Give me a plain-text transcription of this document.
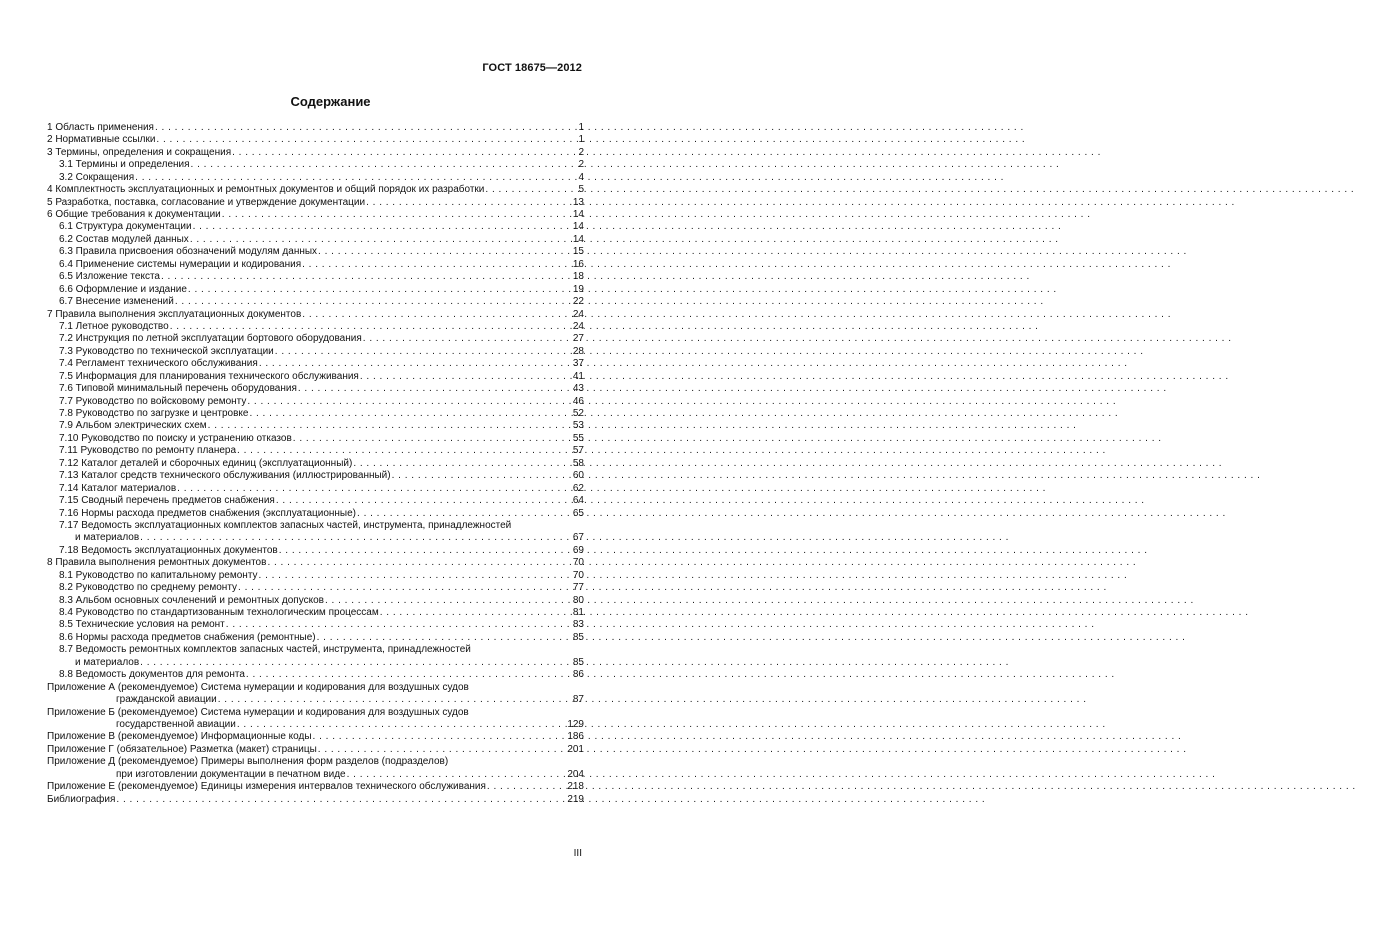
ГОСТ 18675—2012
Содержание
1 Область применения . . .	1
2 Нормативные ссылки . . .	1
3 Термины, определения и сокращения . . .	2
3.1 Термины и определения . . .	2
3.2 Сокращения . . .	4
4 Комплектность эксплуатационных и ремонтных документов и общий порядок их разработки . . .	5
5 Разработка, поставка, согласование и утверждение документации . . .	13
6 Общие требования к документации . . .	14
6.1 Структура документации . . .	14
6.2 Состав модулей данных . . .	14
6.3 Правила присвоения обозначений модулям данных . . .	15
6.4 Применение системы нумерации и кодирования . . .	16
6.5 Изложение текста . . .	18
6.6 Оформление и издание . . .	19
6.7 Внесение изменений . . .	22
7 Правила выполнения эксплуатационных документов . . .	24
7.1 Летное руководство . . .	24
7.2 Инструкция по летной эксплуатации бортового оборудования . . .	27
7.3 Руководство по технической эксплуатации . . .	28
7.4 Регламент технического обслуживания . . .	37
7.5 Информация для планирования технического обслуживания . . .	41
7.6 Типовой минимальный перечень оборудования . . .	43
7.7 Руководство по войсковому ремонту . . .	46
7.8 Руководство по загрузке и центровке . . .	52
7.9 Альбом электрических схем . . .	53
7.10 Руководство по поиску и устранению отказов . . .	55
7.11 Руководство по ремонту планера . . .	57
7.12 Каталог деталей и сборочных единиц (эксплуатационный) . . .	58
7.13 Каталог средств технического обслуживания (иллюстрированный) . . .	60
7.14 Каталог материалов . . .	62
7.15 Сводный перечень предметов снабжения . . .	64
7.16 Нормы расхода предметов снабжения (эксплуатационные) . . .	65
7.17 Ведомость эксплуатационных комплектов запасных частей, инструмента, принадлежностей
и материалов . . .	67
7.18 Ведомость эксплуатационных документов . . .	69
8 Правила выполнения ремонтных документов . . .	70
8.1 Руководство по капитальному ремонту . . .	70
8.2 Руководство по среднему ремонту . . .	77
8.3 Альбом основных сочленений и ремонтных допусков . . .	80
8.4 Руководство по стандартизованным технологическим процессам . . .	81
8.5 Технические условия на ремонт . . .	83
8.6 Нормы расхода предметов снабжения (ремонтные) . . .	85
8.7 Ведомость ремонтных комплектов запасных частей, инструмента, принадлежностей
и материалов . . .	85
8.8 Ведомость документов для ремонта . . .	86
Приложение А (рекомендуемое) Система нумерации и кодирования для воздушных судов
гражданской авиации . . .	87
Приложение Б (рекомендуемое) Система нумерации и кодирования для воздушных судов
государственной авиации . . .	129
Приложение В (рекомендуемое) Информационные коды . . .	186
Приложение Г (обязательное) Разметка (макет) страницы . . .	201
Приложение Д (рекомендуемое) Примеры выполнения форм разделов (подразделов)
при изготовлении документации в печатном виде . . .	204
Приложение Е (рекомендуемое) Единицы измерения интервалов технического обслуживания . . .	218
Библиография . . .	219
III
